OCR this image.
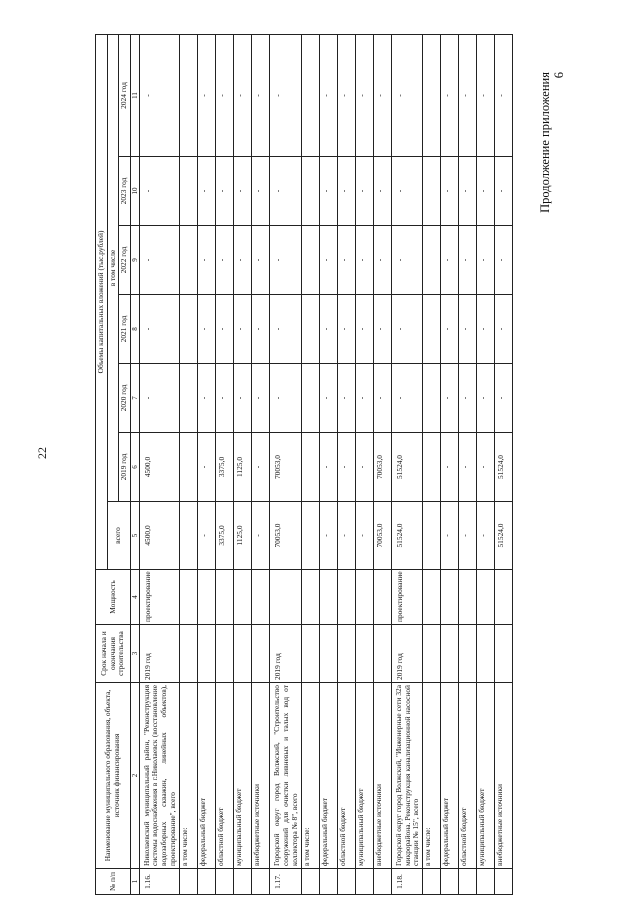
22
Продолжение приложения 6
№ п/п	Наименование муниципального образования, объекта, источник финансирования	Срок начала и окончания строительства	Мощность	Объемы капитальных вложений (тыс.рублей)						
				всего	в том числе					
					2019 год	2020 год	2021 год	2022 год	2023 год	2024 год
1	2	3	4	5	6	7	8	9	10	11
1.16.	Николаевский муниципальный район, "Реконструкция системы водоснабжения в г.Николаевск (восстановление водозаборных скважин, линейных объектов), проектирование", всего	2019 год	проектирование	4500,0	4500,0	-	-	-	-	-
	в том числе:									
	федеральный бюджет			-	-	-	-	-	-	-
	областной бюджет			3375,0	3375,0	-	-	-	-	-
	муниципальный бюджет			1125,0	1125,0	-	-	-	-	-
	внебюджетные источники			-	-	-	-	-	-	-
1.17.	Городской округ город Волжский, "Строительство сооружений для очистки ливневых и талых вод от коллектора № 8", всего	2019 год		70053,0	70053,0	-	-	-	-	-
	в том числе:									
	федеральный бюджет			-	-	-	-	-	-	-
	областной бюджет			-	-	-	-	-	-	-
	муниципальный бюджет			-	-	-	-	-	-	-
	внебюджетные источники			70053,0	70053,0	-	-	-	-	-
1.18.	Городской округ город Волжский, "Инженерные сети 32а микрорайона. Реконструкция канализационной насосной станции № 15", всего	2019 год	проектирование	51524,0	51524,0	-	-	-	-	-
	в том числе:									
	федеральный бюджет			-	-	-	-	-	-	-
	областной бюджет			-	-	-	-	-	-	-
	муниципальный бюджет			-	-	-	-	-	-	-
	внебюджетные источники			51524,0	51524,0	-	-	-	-	-
